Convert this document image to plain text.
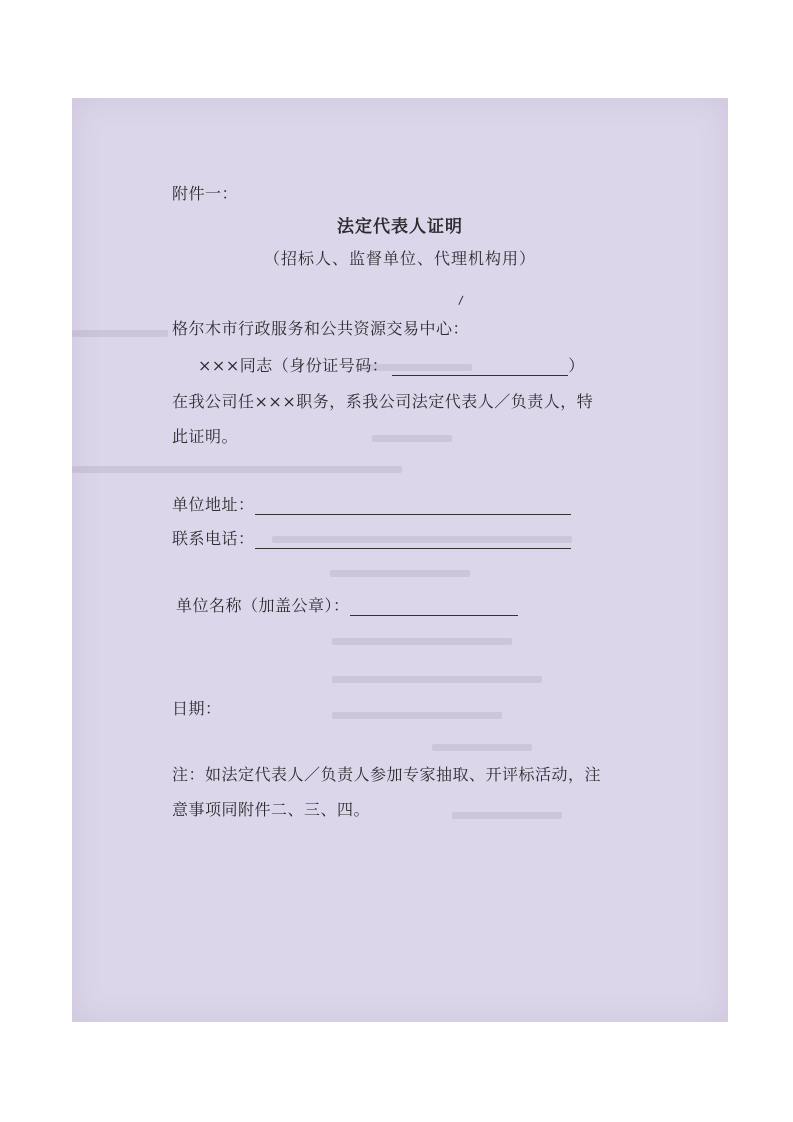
附件一：
法定代表人证明
（招标人、监督单位、代理机构用）
格尔木市行政服务和公共资源交易中心：
×××同志（身份证号码：	）
在我公司任×××职务，系我公司法定代表人／负责人，特
此证明。
单位地址：
联系电话：
单位名称（加盖公章）：
日期：
注：如法定代表人／负责人参加专家抽取、开评标活动，注
意事项同附件二、三、四。
